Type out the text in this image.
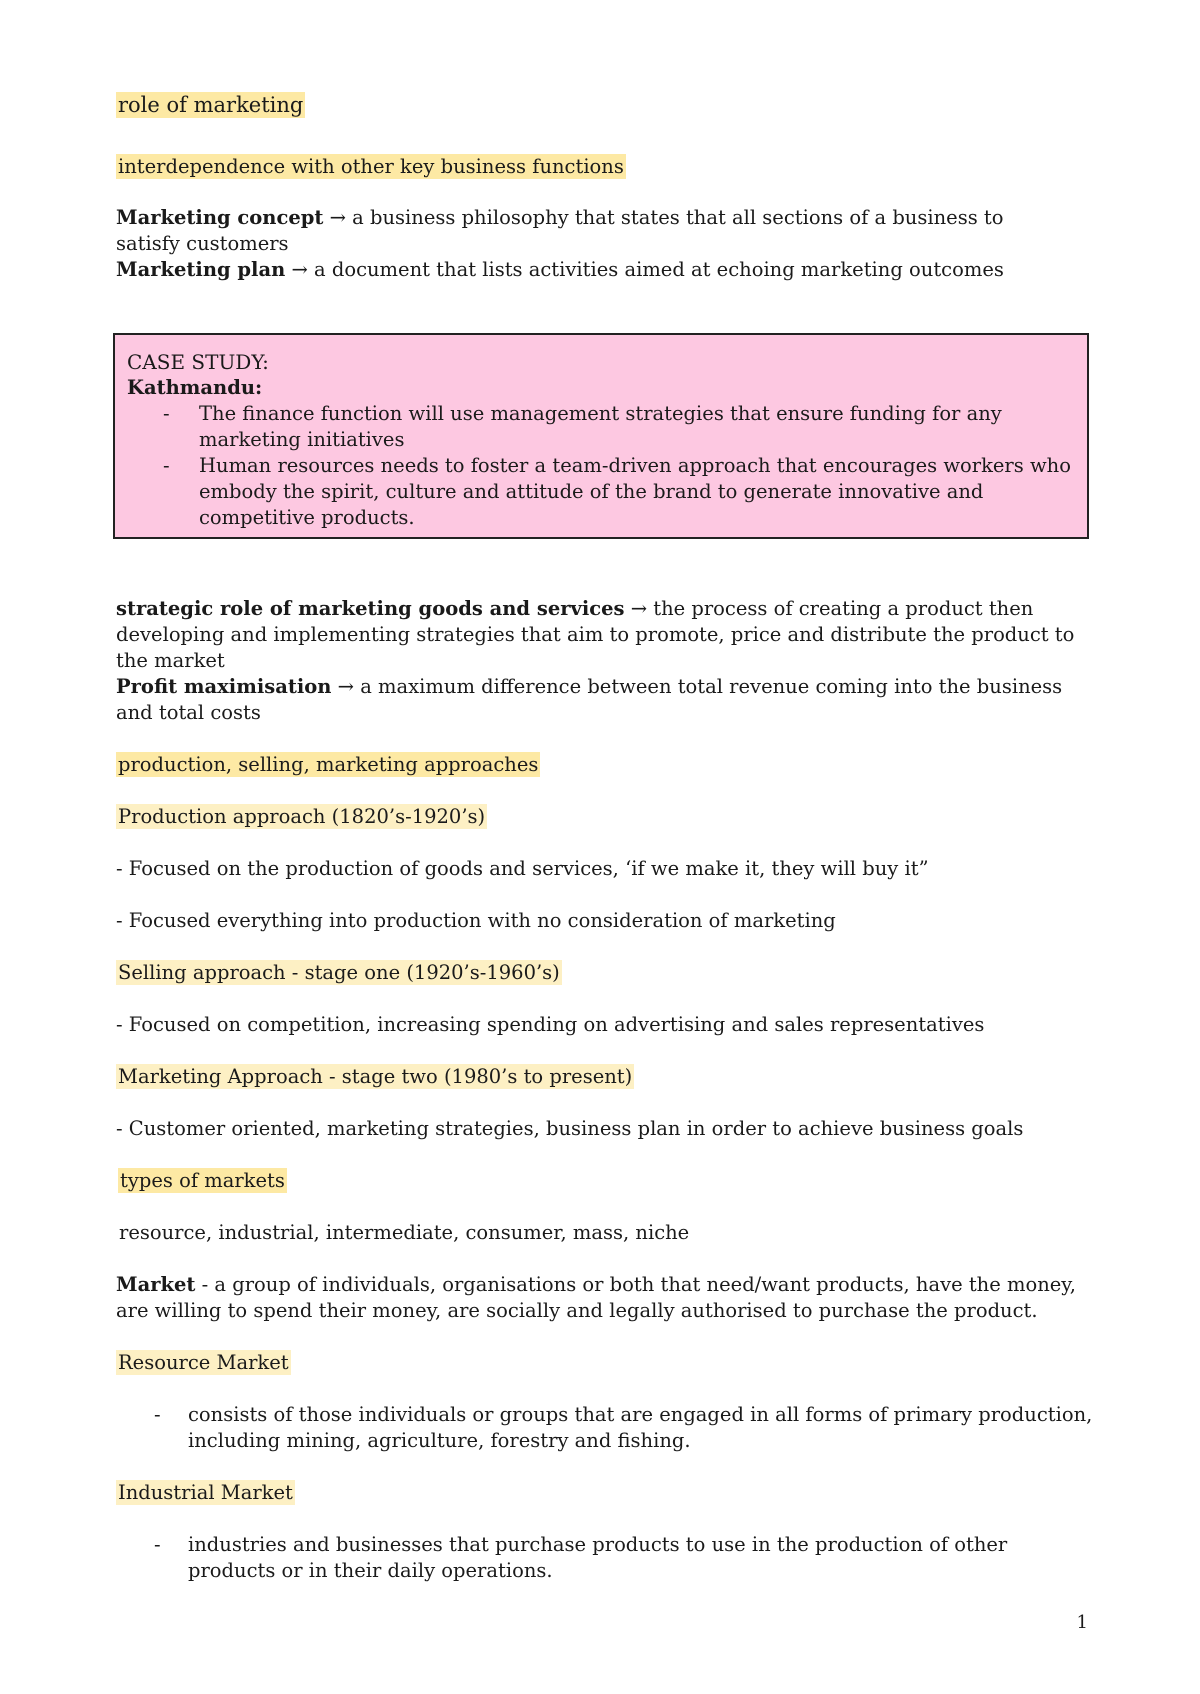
role of marketing
interdependence with other key business functions

Marketing concept → a business philosophy that states that all sections of a business to satisfy customers

Marketing plan → a document that lists activities aimed at echoing marketing outcomes

CASE STUDY:
Kathmandu:
- The finance function will use management strategies that ensure funding for any marketing initiatives
- Human resources needs to foster a team-driven approach that encourages workers who embody the spirit, culture and attitude of the brand to generate innovative and competitive products.

strategic role of marketing goods and services → the process of creating a product then developing and implementing strategies that aim to promote, price and distribute the product to the market

Profit maximisation → a maximum difference between total revenue coming into the business and total costs

production, selling, marketing approaches
Production approach (1820’s-1920’s)
- Focused on the production of goods and services, ‘if we make it, they will buy it”
- Focused everything into production with no consideration of marketing
Selling approach - stage one (1920’s-1960’s)
- Focused on competition, increasing spending on advertising and sales representatives
Marketing Approach - stage two (1980’s to present)
- Customer oriented, marketing strategies, business plan in order to achieve business goals
types of markets
resource, industrial, intermediate, consumer, mass, niche

Market - a group of individuals, organisations or both that need/want products, have the money, are willing to spend their money, are socially and legally authorised to purchase the product.

Resource Market
- consists of those individuals or groups that are engaged in all forms of primary production, including mining, agriculture, forestry and fishing.
Industrial Market
- industries and businesses that purchase products to use in the production of other products or in their daily operations.
1
